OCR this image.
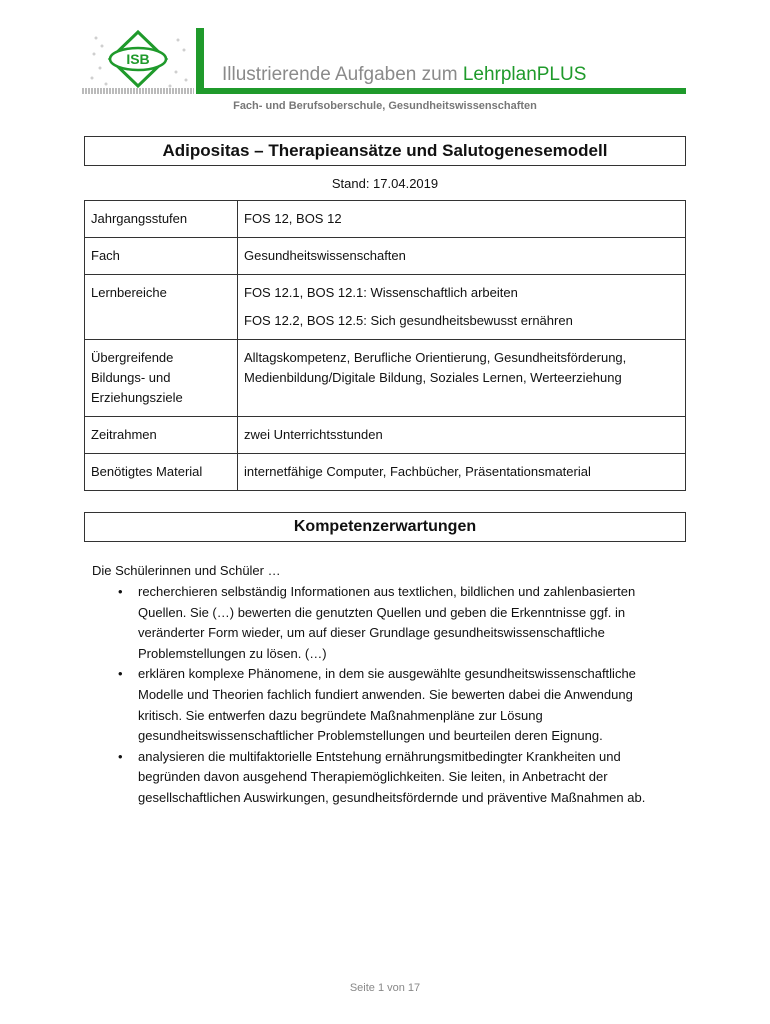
ISB
Illustrierende Aufgaben zum LehrplanPLUS
Fach- und Berufsoberschule, Gesundheitswissenschaften
Adipositas – Therapieansätze und Salutogenesemodell
Stand: 17.04.2019
Jahrgangsstufen	FOS 12, BOS 12

Fach	Gesundheitswissenschaften

Lernbereiche	FOS 12.1, BOS 12.1: Wissenschaftlich arbeiten
FOS 12.2, BOS 12.5: Sich gesundheitsbewusst ernähren

Übergreifende Bildungs- und Erziehungsziele	Alltagskompetenz, Berufliche Orientierung, Gesundheitsförderung, Medienbildung/Digitale Bildung, Soziales Lernen, Werteerziehung

Zeitrahmen	zwei Unterrichtsstunden

Benötigtes Material	internetfähige Computer, Fachbücher, Präsentationsmaterial
Kompetenzerwartungen
Die Schülerinnen und Schüler …
• recherchieren selbständig Informationen aus textlichen, bildlichen und zahlenbasierten Quellen. Sie (…) bewerten die genutzten Quellen und geben die Erkenntnisse ggf. in veränderter Form wieder, um auf dieser Grundlage gesundheitswissenschaftliche Problemstellungen zu lösen. (…)
• erklären komplexe Phänomene, in dem sie ausgewählte gesundheitswissenschaftliche Modelle und Theorien fachlich fundiert anwenden. Sie bewerten dabei die Anwendung kritisch. Sie entwerfen dazu begründete Maßnahmenpläne zur Lösung gesundheitswissenschaftlicher Problemstellungen und beurteilen deren Eignung.
• analysieren die multifaktorielle Entstehung ernährungsmitbedingter Krankheiten und begründen davon ausgehend Therapiemöglichkeiten. Sie leiten, in Anbetracht der gesellschaftlichen Auswirkungen, gesundheitsfördernde und präventive Maßnahmen ab.
Seite 1 von 17
